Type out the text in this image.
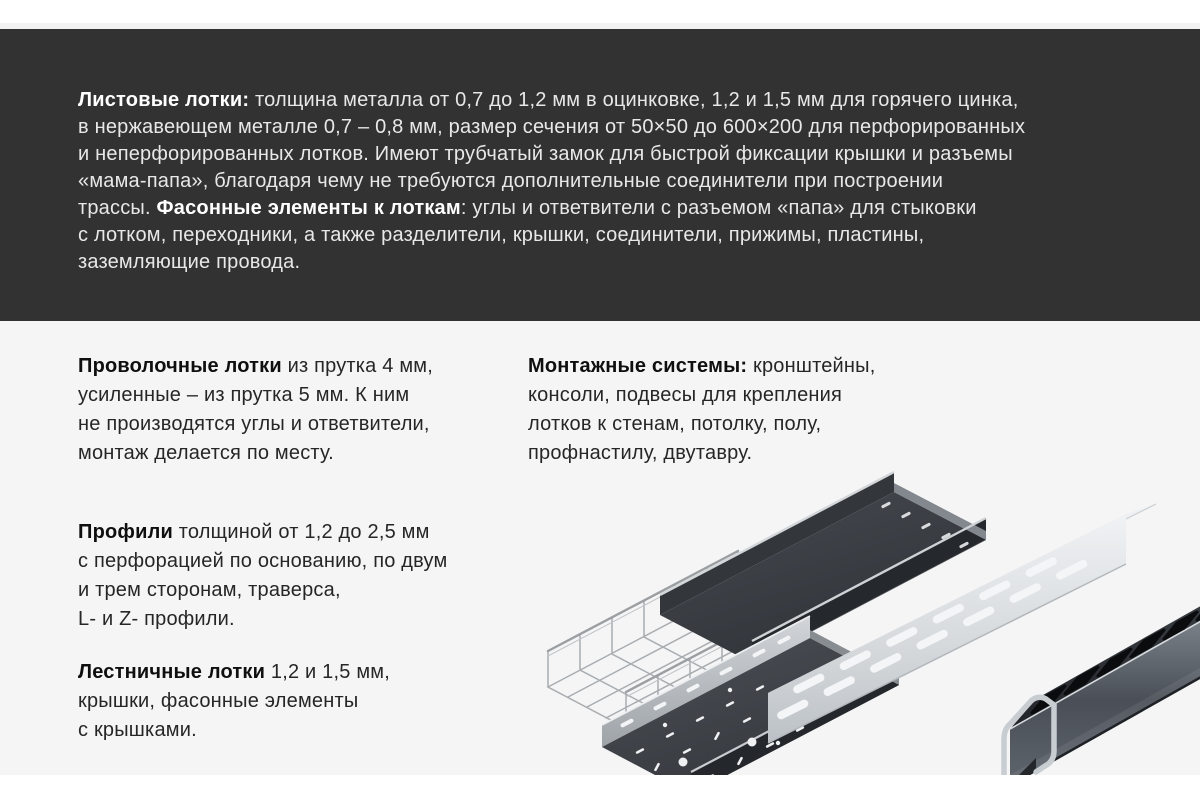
Листовые лотки: толщина металла от 0,7 до 1,2 мм в оцинковке, 1,2 и 1,5 мм для горячего цинка,
в нержавеющем металле 0,7 – 0,8 мм, размер сечения от 50×50 до 600×200 для перфорированных
и неперфорированных лотков. Имеют трубчатый замок для быстрой фиксации крышки и разъемы
«мама-папа», благодаря чему не требуются дополнительные соединители при построении
трассы. Фасонные элементы к лоткам: углы и ответвители с разъемом «папа» для стыковки
с лотком, переходники, а также разделители, крышки, соединители, прижимы, пластины,
заземляющие провода.
Проволочные лотки из прутка 4 мм,
усиленные – из прутка 5 мм. К ним
не производятся углы и ответвители,
монтаж делается по месту.
Монтажные системы: кронштейны,
консоли, подвесы для крепления
лотков к стенам, потолку, полу,
профнастилу, двутавру.
Профили толщиной от 1,2 до 2,5 мм
с перфорацией по основанию, по двум
и трем сторонам, траверса,
L- и Z- профили.
Лестничные лотки 1,2 и 1,5 мм,
крышки, фасонные элементы
с крышками.
